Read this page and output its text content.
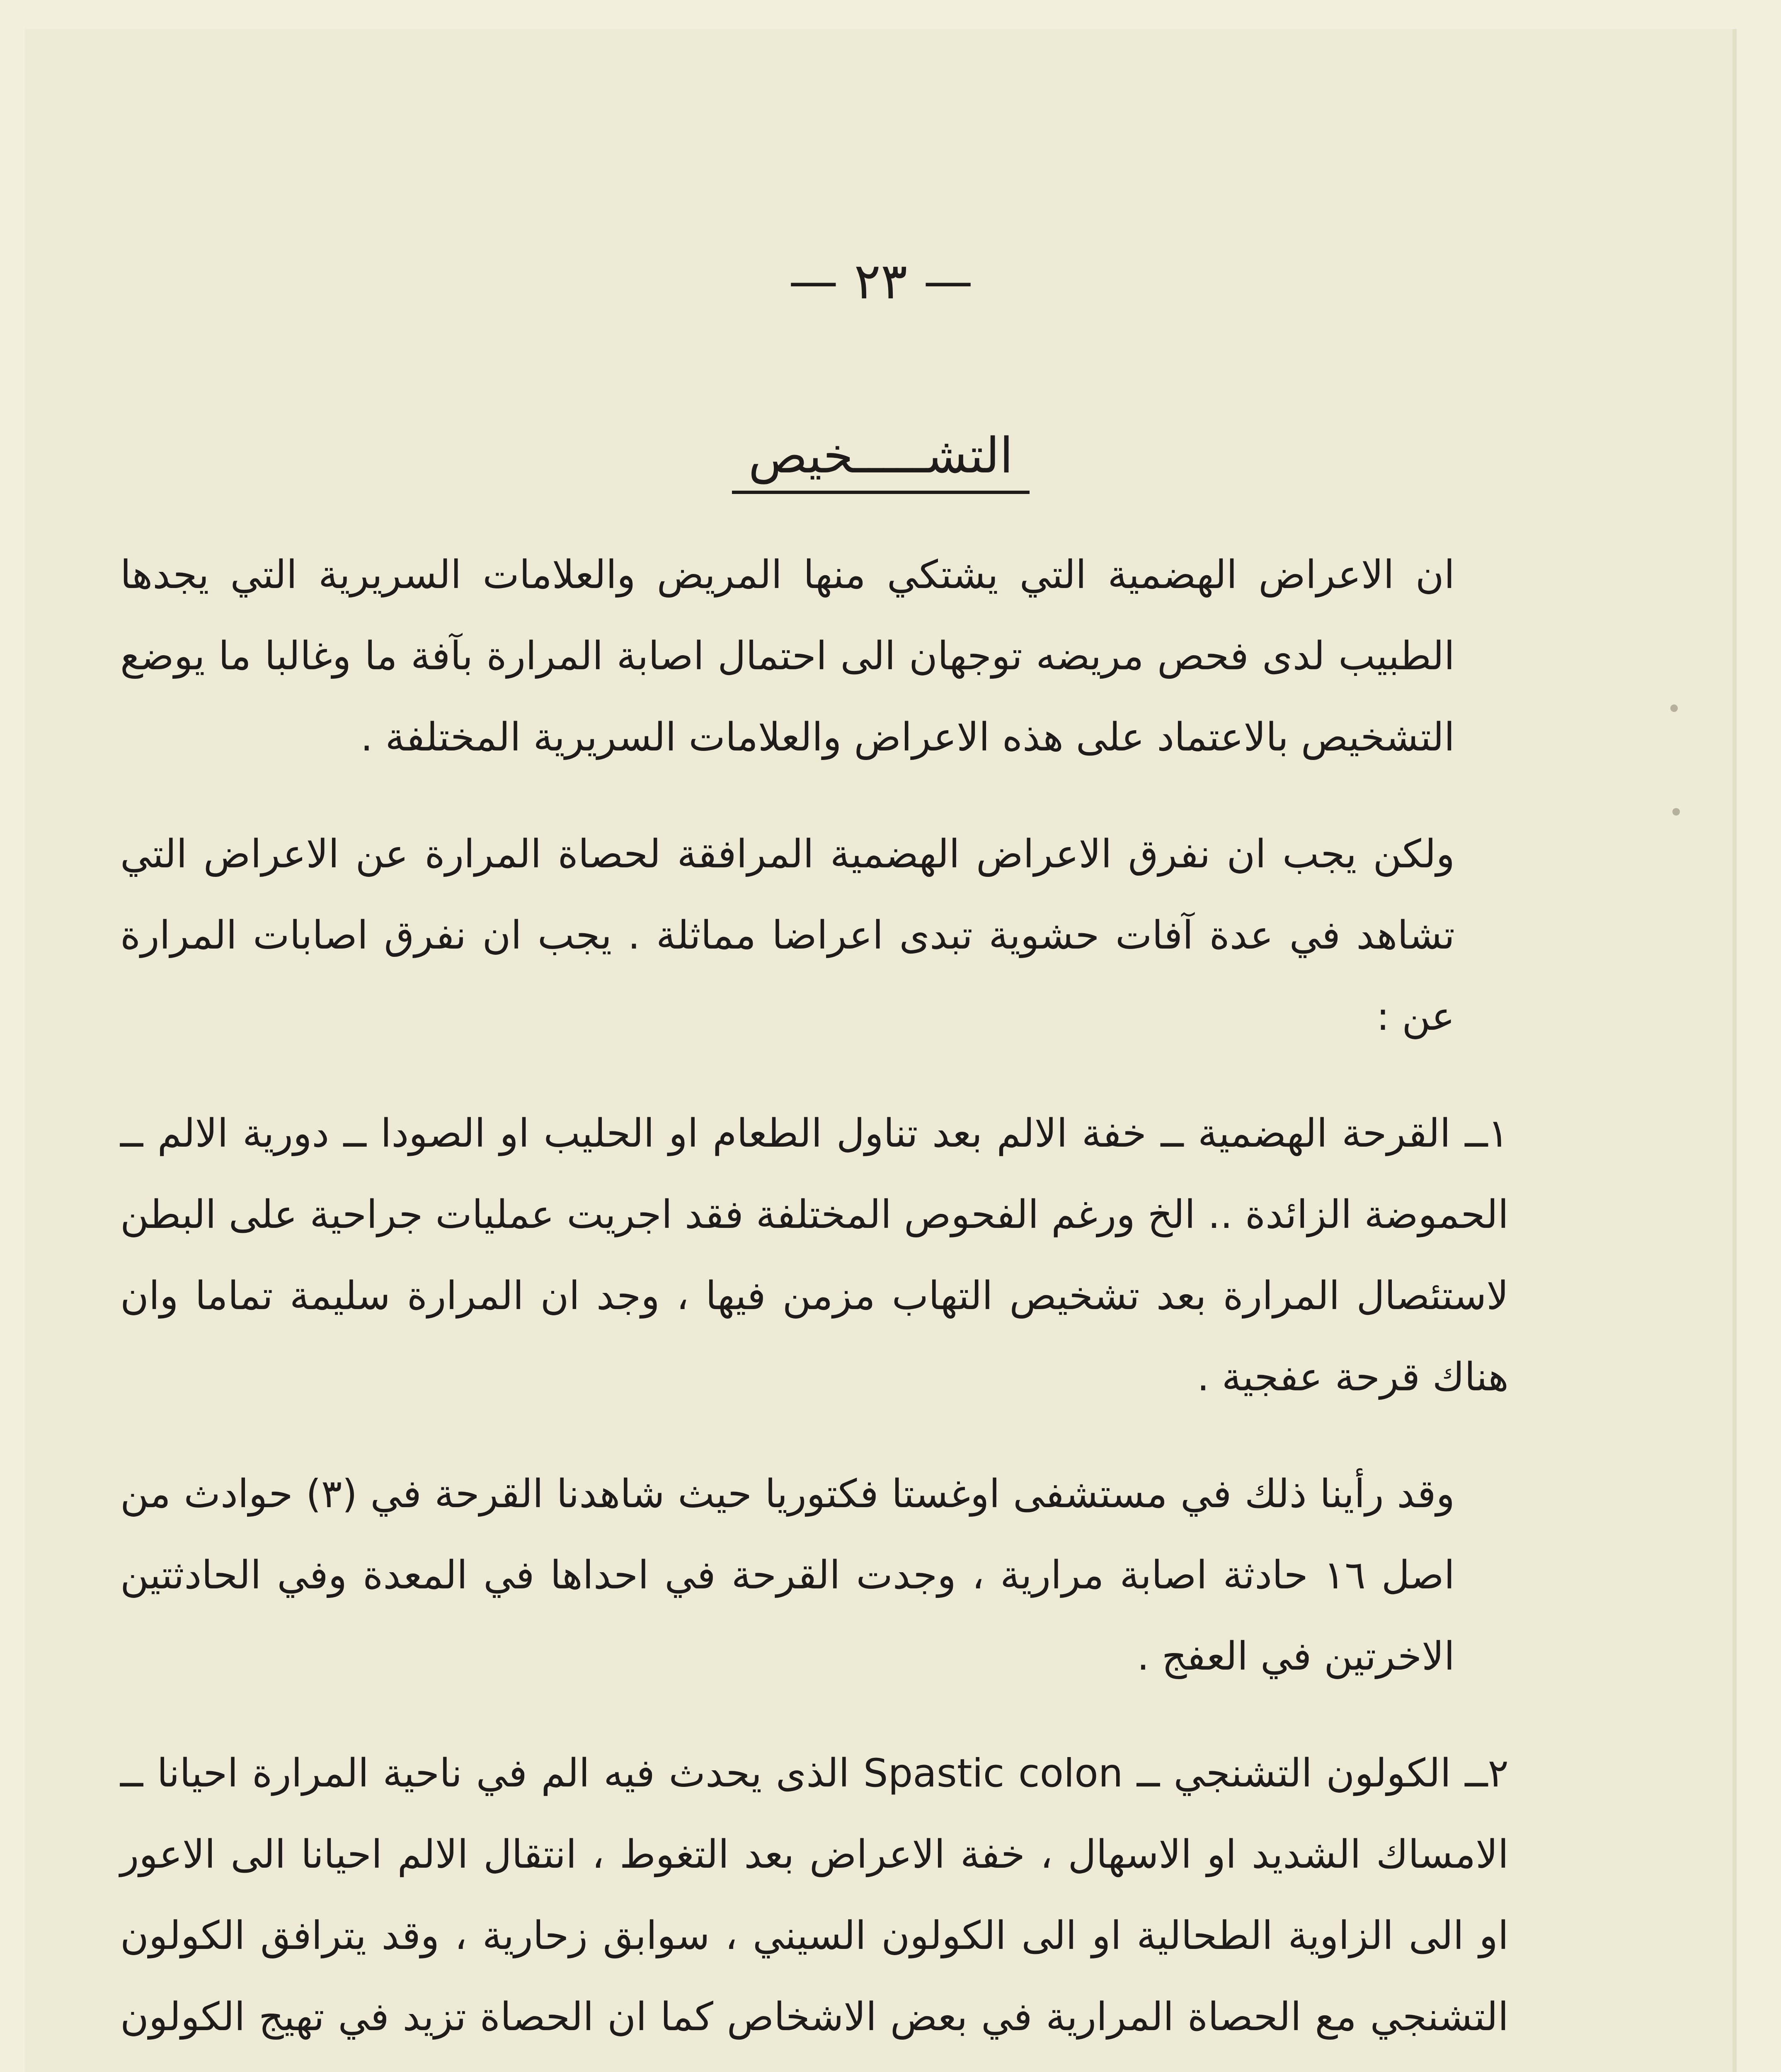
— ٢٣ —
التشـــــخيص

ان الاعراض الهضمية التي يشتكي منها المريض والعلامات السريرية التي يجدها الطبيب لدى فحص مريضه توجهان الى احتمال اصابة المرارة بآفة ما وغالبا ما يوضع التشخيص بالاعتماد على هذه الاعراض والعلامات السريرية المختلفة .

ولكن يجب ان نفرق الاعراض الهضمية المرافقة لحصاة المرارة عن الاعراض التي تشاهد في عدة آفات حشوية تبدى اعراضا مماثلة . يجب ان نفرق اصابات المرارة عن :

١ــ القرحة الهضمية ــ خفة الالم بعد تناول الطعام او الحليب او الصودا ــ دورية الالم ــ الحموضة الزائدة .. الخ ورغم الفحوص المختلفة فقد اجريت عمليات جراحية على البطن لاستئصال المرارة بعد تشخيص التهاب مزمن فيها ، وجد ان المرارة سليمة تماما وان هناك قرحة عفجية .

وقد رأينا ذلك في مستشفى اوغستا فكتوريا حيث شاهدنا القرحة في (٣) حوادث من اصل ١٦ حادثة اصابة مرارية ، وجدت القرحة في احداها في المعدة وفي الحادثتين الاخرتين في العفج .

٢ــ الكولون التشنجي ــ Spastic colon الذى يحدث فيه الم في ناحية المرارة احيانا ــ الامساك الشديد او الاسهال ، خفة الاعراض بعد التغوط ، انتقال الالم احيانا الى الاعور او الى الزاوية الطحالية او الى الكولون السيني ، سوابق زحارية ، وقد يترافق الكولون التشنجي مع الحصاة المرارية في بعض الاشخاص كما ان الحصاة تزيد في تهيج الكولون
